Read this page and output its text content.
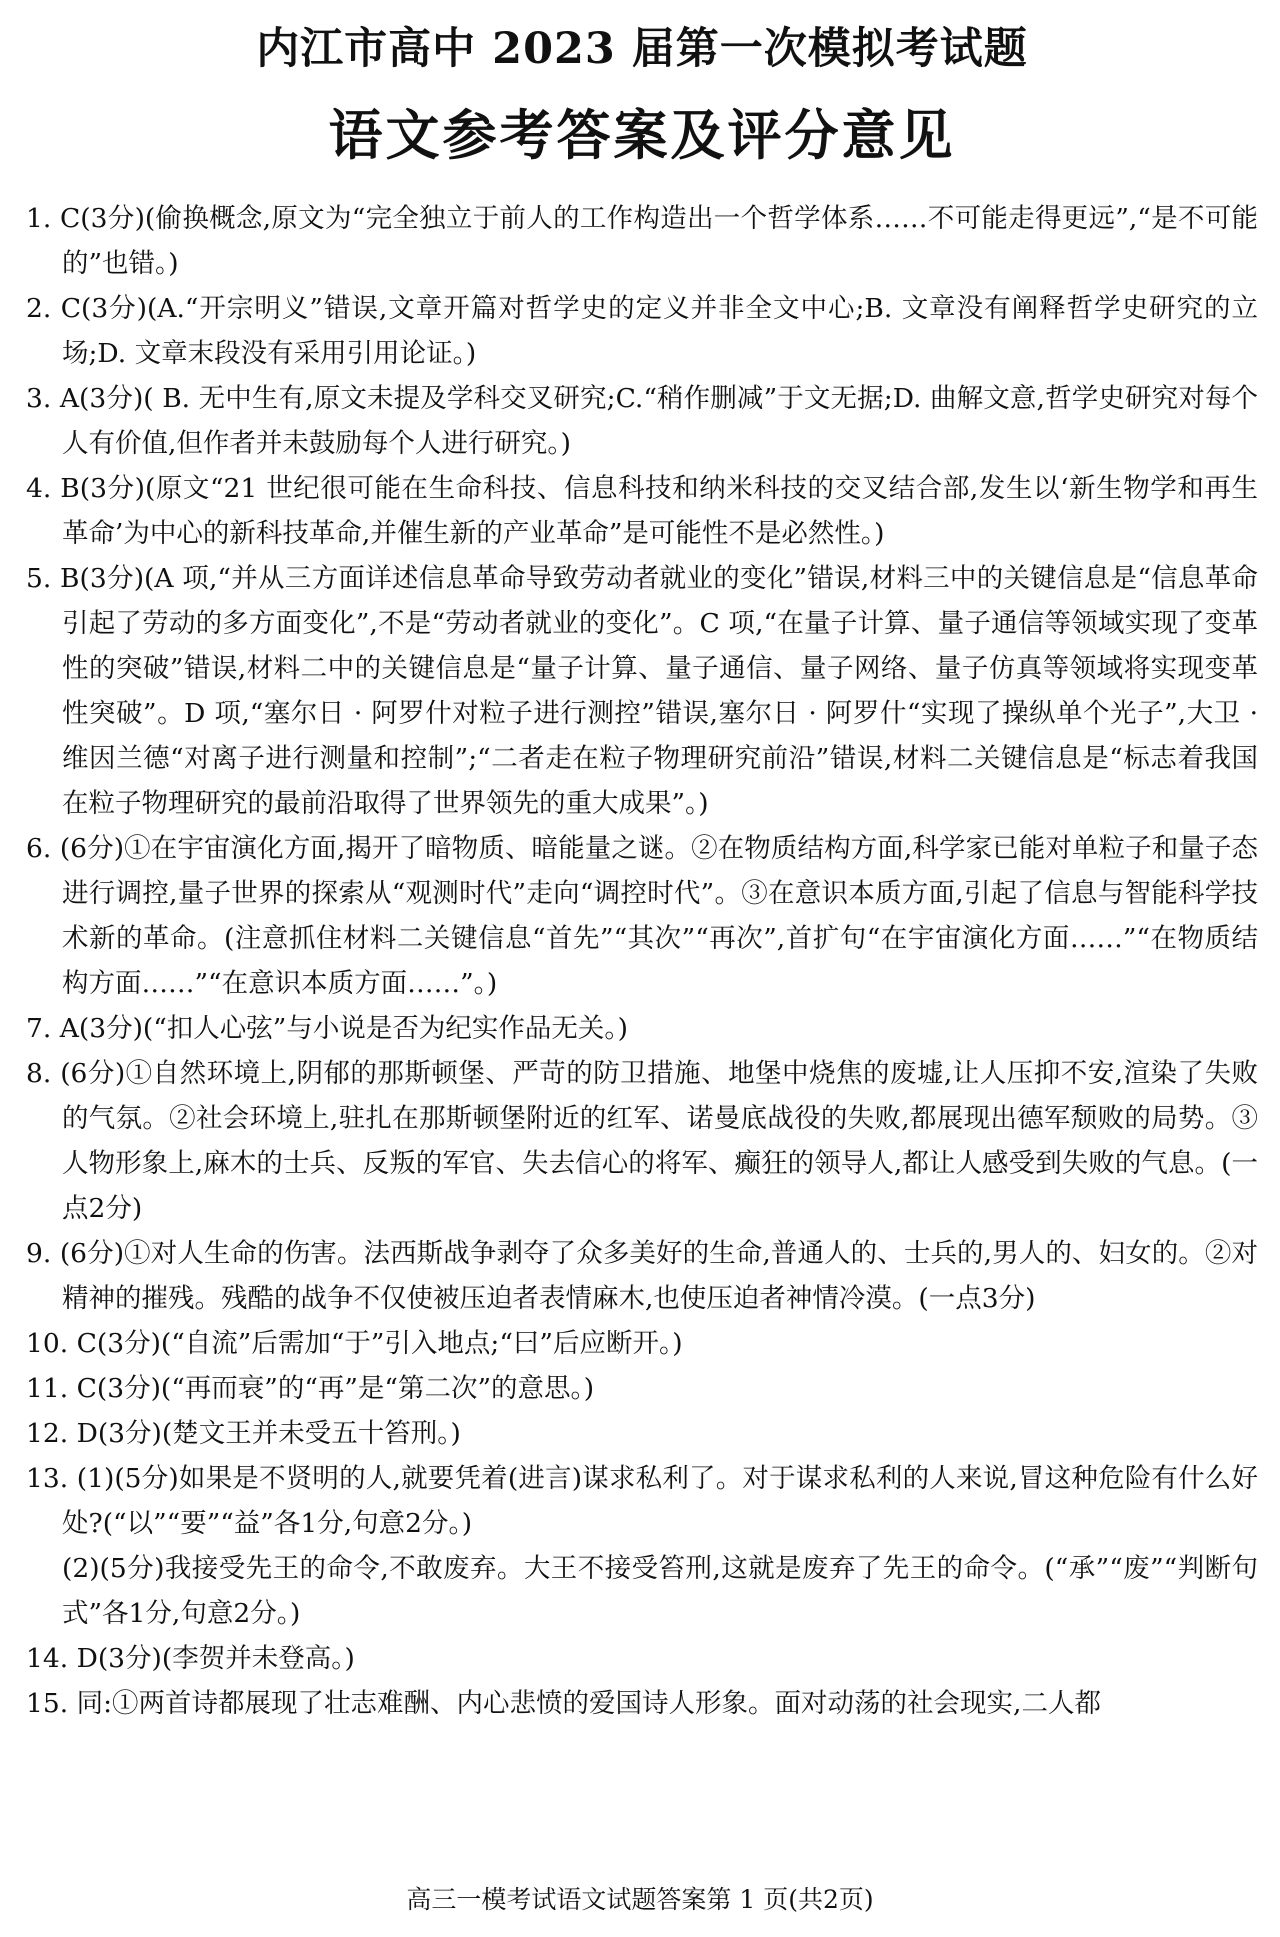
内江市高中 2023 届第一次模拟考试题
语文参考答案及评分意见

1. C(3分)(偷换概念,原文为“完全独立于前人的工作构造出一个哲学体系……不可能走得更远”,“是不可能的”也错。)

2. C(3分)(A.“开宗明义”错误,文章开篇对哲学史的定义并非全文中心;B. 文章没有阐释哲学史研究的立场;D. 文章末段没有采用引用论证。)

3. A(3分)( B. 无中生有,原文未提及学科交叉研究;C.“稍作删减”于文无据;D. 曲解文意,哲学史研究对每个人有价值,但作者并未鼓励每个人进行研究。)

4. B(3分)(原文“21 世纪很可能在生命科技、信息科技和纳米科技的交叉结合部,发生以‘新生物学和再生革命’为中心的新科技革命,并催生新的产业革命”是可能性不是必然性。)

5. B(3分)(A 项,“并从三方面详述信息革命导致劳动者就业的变化”错误,材料三中的关键信息是“信息革命引起了劳动的多方面变化”,不是“劳动者就业的变化”。C 项,“在量子计算、量子通信等领域实现了变革性的突破”错误,材料二中的关键信息是“量子计算、量子通信、量子网络、量子仿真等领域将实现变革性突破”。D 项,“塞尔日 · 阿罗什对粒子进行测控”错误,塞尔日 · 阿罗什“实现了操纵单个光子”,大卫 · 维因兰德“对离子进行测量和控制”;“二者走在粒子物理研究前沿”错误,材料二关键信息是“标志着我国在粒子物理研究的最前沿取得了世界领先的重大成果”。)

6. (6分)①在宇宙演化方面,揭开了暗物质、暗能量之谜。②在物质结构方面,科学家已能对单粒子和量子态进行调控,量子世界的探索从“观测时代”走向“调控时代”。③在意识本质方面,引起了信息与智能科学技术新的革命。(注意抓住材料二关键信息“首先”“其次”“再次”,首扩句“在宇宙演化方面……”“在物质结构方面……”“在意识本质方面……”。)

7. A(3分)(“扣人心弦”与小说是否为纪实作品无关。)

8. (6分)①自然环境上,阴郁的那斯顿堡、严苛的防卫措施、地堡中烧焦的废墟,让人压抑不安,渲染了失败的气氛。②社会环境上,驻扎在那斯顿堡附近的红军、诺曼底战役的失败,都展现出德军颓败的局势。③人物形象上,麻木的士兵、反叛的军官、失去信心的将军、癫狂的领导人,都让人感受到失败的气息。(一点2分)

9. (6分)①对人生命的伤害。法西斯战争剥夺了众多美好的生命,普通人的、士兵的,男人的、妇女的。②对精神的摧残。残酷的战争不仅使被压迫者表情麻木,也使压迫者神情冷漠。(一点3分)

10. C(3分)(“自流”后需加“于”引入地点;“曰”后应断开。)

11. C(3分)(“再而衰”的“再”是“第二次”的意思。)

12. D(3分)(楚文王并未受五十笞刑。)

13. (1)(5分)如果是不贤明的人,就要凭着(进言)谋求私利了。对于谋求私利的人来说,冒这种危险有什么好处?(“以”“要”“益”各1分,句意2分。)

(2)(5分)我接受先王的命令,不敢废弃。大王不接受笞刑,这就是废弃了先王的命令。(“承”“废”“判断句式”各1分,句意2分。)

14. D(3分)(李贺并未登高。)

15. 同:①两首诗都展现了壮志难酬、内心悲愤的爱国诗人形象。面对动荡的社会现实,二人都

高三一模考试语文试题答案第 1 页(共2页)
